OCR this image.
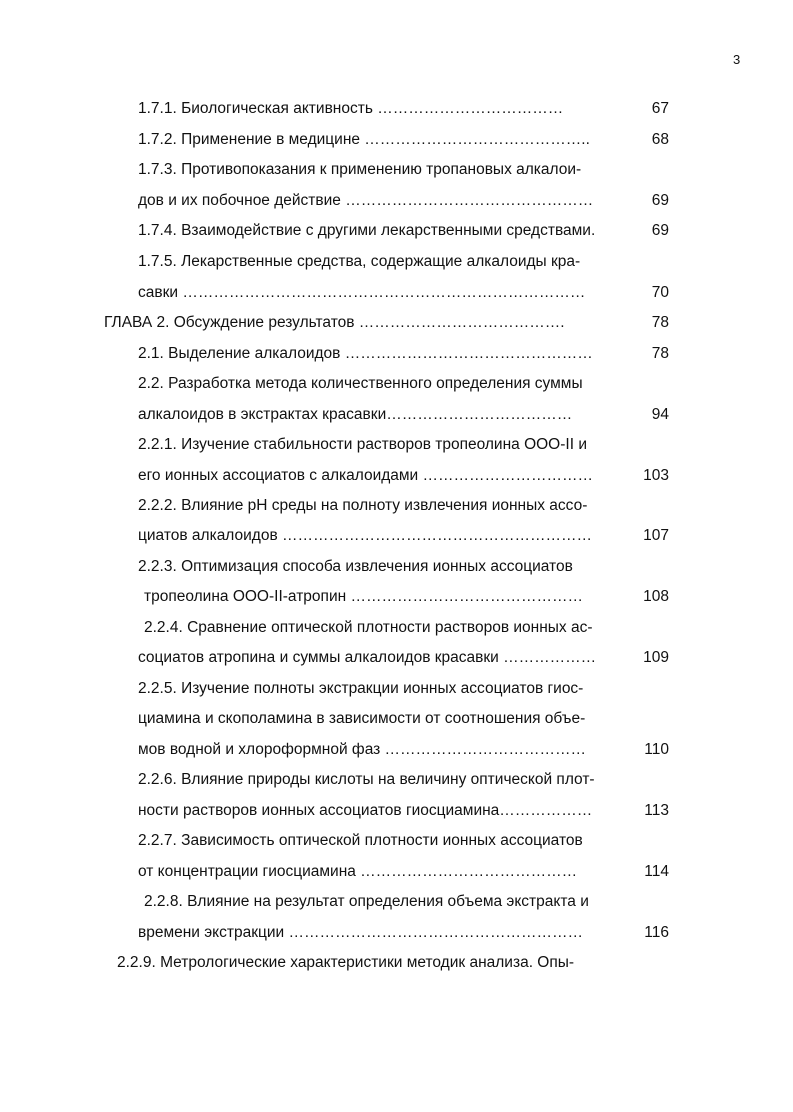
3
1.7.1. Биологическая активность ………………………………	67
1.7.2. Применение в медицине ……………………………………..	68
1.7.3. Противопоказания к применению тропановых алкалои-
дов и их побочное действие …………………………………………	69
1.7.4. Взаимодействие с другими лекарственными средствами.	69
1.7.5. Лекарственные средства, содержащие алкалоиды кра-
савки ……………………………………………………………………	70
ГЛАВА 2. Обсуждение результатов ………………………………….	78
2.1. Выделение алкалоидов …………………………………………	78
2.2. Разработка метода количественного определения суммы
алкалоидов в экстрактах красавки………………………………	94
2.2.1. Изучение стабильности растворов тропеолина ООО-II и
его ионных ассоциатов с алкалоидами ……………………………	103
2.2.2. Влияние рН среды на полноту извлечения ионных ассо-
циатов алкалоидов ……………………………………………………	107
2.2.3. Оптимизация способа извлечения ионных ассоциатов
тропеолина ООО-II-атропин ………………………………………	108
2.2.4. Сравнение оптической плотности растворов ионных ас-
социатов атропина и суммы алкалоидов красавки ………………	109
2.2.5. Изучение полноты экстракции ионных ассоциатов гиос-
циамина и скополамина в зависимости от соотношения объе-
мов водной и хлороформной фаз …………………………………	110
2.2.6. Влияние природы кислоты на величину оптической плот-
ности растворов ионных ассоциатов гиосциамина………………	113
2.2.7. Зависимость оптической плотности ионных ассоциатов
от концентрации гиосциамина ……………………………………	114
2.2.8. Влияние на результат определения объема экстракта и
времени экстракции …………………………………………………	116
2.2.9. Метрологические характеристики методик анализа. Опы-
